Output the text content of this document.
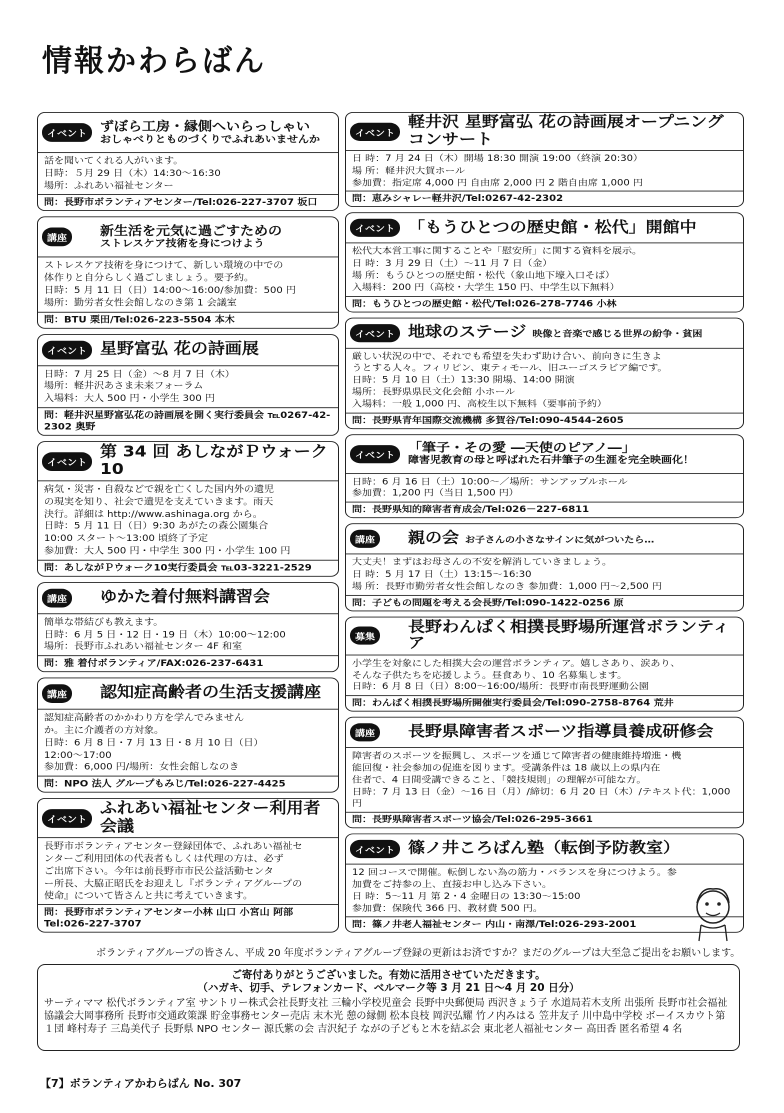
情報かわらばん
イベント
ずぼら工房・縁側へいらっしゃい
おしゃべりとものづくりでふれあいませんか

話を聞いてくれる人がいます。

日時：５月 29 日（木）14:30～16:30

場所：ふれあい福祉センター

問：長野市ボランティアセンター/Tel:026-227-3707 坂口
講座
新生活を元気に過ごすための
ストレスケア技術を身につけよう

ストレスケア技術を身につけて、新しい環境の中での

体作りと自分らしく過ごしましょう。要予約。

日時：5 月 11 日（日）14:00～16:00/参加費：500 円

場所：勤労者女性会館しなのき第 1 会議室

問：BTU 栗田/Tel:026-223-5504 本木
イベント 星野富弘 花の詩画展

日時：7 月 25 日（金）～8 月 7 日（木）

場所：軽井沢あさま未来フォーラム

入場料：大人 500 円・小学生 300 円

問：軽井沢星野富弘花の詩画展を開く実行委員会 ℡0267-42-2302 奥野
イベント
第 34 回 あしながＰウォーク 10

病気・災害・自殺などで親を亡くした国内外の遺児

の現実を知り、社会で遺児を支えていきます。雨天

決行。詳細は http://www.ashinaga.org から。

日時：5 月 11 日（日）9:30 あがたの森公園集合

10:00 スタート～13:00 頃終了予定

参加費：大人 500 円・中学生 300 円・小学生 100 円

問：あしながＰウォーク10実行委員会 ℡03-3221-2529
講座 ゆかた着付無料講習会

簡単な帯結びも教えます。

日時：6 月 5 日・12 日・19 日（木）10:00～12:00

場所：長野市ふれあい福祉センター 4F 和室

問：雅 着付ボランティア/FAX:026-237-6431
講座 認知症高齢者の生活支援講座

認知症高齢者のかかわり方を学んでみません

か。主に介護者の方対象。

日時：6 月 8 日・7 月 13 日・8 月 10 日（日）

12:00～17:00

参加費：6,000 円/場所：女性会館しなのき

問：NPO 法人 グループもみじ/Tel:026-227-4425
イベント
ふれあい福祉センター利用者会議

長野市ボランティアセンター登録団体で、ふれあい福祉セ

ンターご利用団体の代表者もしくは代理の方は、必ず

ご出席下さい。今年は前長野市市民公益活動センタ

ー所長、大脇正昭氏をお迎えし『ボランティアグループの

使命』について皆さんと共に考えていきます。

問：長野市ボランティアセンター小林 山口 小宮山 阿部 Tel:026-227-3707
イベント
軽井沢 星野富弘 花の詩画展オープニングコンサート

日 時：7 月 24 日（木）開場 18:30 開演 19:00（終演 20:30）

場 所：軽井沢大賀ホール

参加費：指定席 4,000 円 自由席 2,000 円 2 階自由席 1,000 円

問：恵みシャレー軽井沢/Tel:0267-42-2302
イベント 「もうひとつの歴史館・松代」開館中

松代大本営工事に関することや「慰安所」に関する資料を展示。

日 時：3 月 29 日（土）～11 月 7 日（金）

場 所：もうひとつの歴史館・松代（象山地下壕入口そば）

入場料：200 円（高校・大学生 150 円、中学生以下無料）

問：もうひとつの歴史館・松代/Tel:026-278-7746 小林
イベント 地球のステージ 映像と音楽で感じる世界の紛争・貧困

厳しい状況の中で、それでも希望を失わず助け合い、前向きに生きよ

うとする人々。フィリピン、東ティモール、旧ユーゴスラビア編です。

日時：5 月 10 日（土）13:30 開場、14:00 開演

場所：長野県県民文化会館 小ホール

入場料：一般 1,000 円、高校生以下無料（要事前予約）

問：長野県青年国際交流機構 多賀谷/Tel:090-4544-2605
イベント
「筆子・その愛 ―天使のピアノ―」
障害児教育の母と呼ばれた石井筆子の生涯を完全映画化！

日時：6 月 16 日（土）10:00～／場所：サンアップルホール

参加費：1,200 円（当日 1,500 円）

問：長野県知的障害者育成会/Tel:026－227-6811
講座 親の会 お子さんの小さなサインに気がついたら…

大丈夫！まずはお母さんの不安を解消していきましょう。

日 時：5 月 17 日（土）13:15～16:30

場 所：長野市勤労者女性会館しなのき 参加費：1,000 円～2,500 円

問：子どもの問題を考える会長野/Tel:090-1422-0256 原
募集
長野わんぱく相撲長野場所運営ボランティア

小学生を対象にした相撲大会の運営ボランティア。嬉しさあり、涙あり、

そんな子供たちを応援しよう。昼食あり、10 名募集します。

日時：6 月 8 日（日）8:00～16:00/場所：長野市南長野運動公園

問：わんぱく相撲長野場所開催実行委員会/Tel:090-2758-8764 荒井
講座 長野県障害者スポーツ指導員養成研修会

障害者のスポーツを振興し、スポーツを通じて障害者の健康維持増進・機

能回復・社会参加の促進を図ります。受講条件は 18 歳以上の県内在

住者で、4 日間受講できること、「競技規則」の理解が可能な方。

日時：7 月 13 日（金）～16 日（月）/締切：6 月 20 日（木）/テキスト代：1,000 円

問：長野県障害者スポーツ協会/Tel:026-295-3661
イベント 篠ノ井ころばん塾（転倒予防教室）

12 回コースで開催。転倒しない為の筋力・バランスを身につけよう。参

加費をご持参の上、直接お申し込み下さい。

日 時：5～11 月 第 2・4 金曜日の 13:30～15:00

参加費：保険代 366 円、教材費 500 円。

問：篠ノ井老人福祉センター 内山・南澤/Tel:026-293-2001
ボランティアグループの皆さん、平成 20 年度ボランティアグループ登録の更新はお済ですか？まだのグループは大至急ご提出をお願いします。
ご寄付ありがとうございました。有効に活用させていただきます。
（ハガキ、切手、テレフォンカード、ベルマーク等 3 月 21 日～4 月 20 日分）
サーティママ 松代ボランティア室 サントリー株式会社長野支社 三輪小学校児童会 長野中央郵便局 西沢きょう子 水道局若木支所 出張所 長野市社会福祉協議会大岡事務所 長野市交通政策課 貯金事務センター売店 末木光 憩の縁側 松本良枝 岡沢弘耀 竹ノ内みはる 笠井友子 川中島中学校 ボーイスカウト第１団 峰村寿子 三島美代子 長野県 NPO センター 源氏紫の会 吉沢紀子 ながの子どもと木を結ぶ会 東北老人福祉センター 高田香 匿名希望 4 名
【7】ボランティアかわらばん No. 307
